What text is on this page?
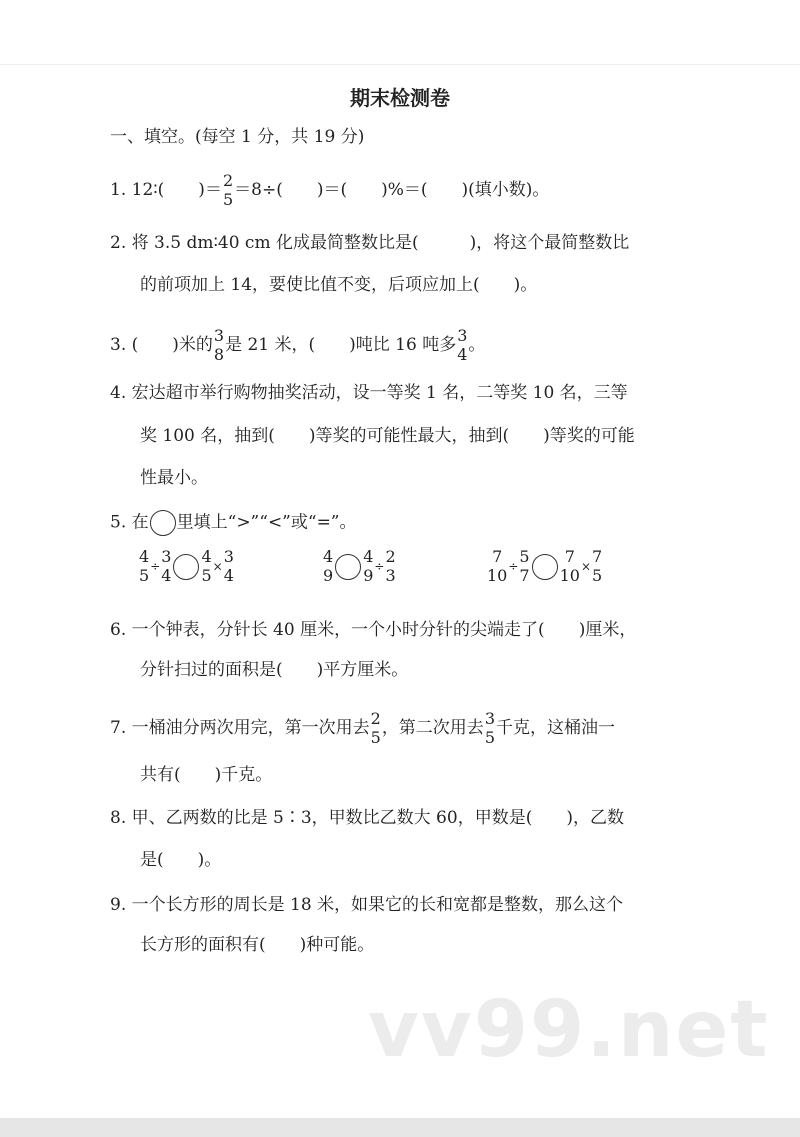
期末检测卷
一、填空。(每空 1 分，共 19 分)
1. 12∶(　　)＝ 2
5 ＝8÷(　　)＝(　　)%＝(　　)(填小数)。
2. 将 3.5 dm∶40 cm 化成最简整数比是(　　　)，将这个最简整数比
的前项加上 14，要使比值不变，后项应加上(　　)。
3. (　　)米的 3
8 是 21 米，(　　)吨比 16 吨多 3
4 。
4. 宏达超市举行购物抽奖活动，设一等奖 1 名，二等奖 10 名，三等
奖 100 名，抽到(　　)等奖的可能性最大，抽到(　　)等奖的可能
性最小。
5. 在 里填上“>”“<”或“=”。
4
5 ÷
3
4
4
5 ×
3
4
4
9
4
9 ÷
2
3
7
10 ÷
5
7
7
10 ×
7
5
6. 一个钟表，分针长 40 厘米，一个小时分针的尖端走了(　　)厘米，
分针扫过的面积是(　　)平方厘米。
7. 一桶油分两次用完，第一次用去 2
5 ，第二次用去 3
5 千克，这桶油一
共有(　　)千克。
8. 甲、乙两数的比是 5∶3，甲数比乙数大 60，甲数是(　　)，乙数
是(　　)。
9. 一个长方形的周长是 18 米，如果它的长和宽都是整数，那么这个
长方形的面积有(　　)种可能。
vv99.net
